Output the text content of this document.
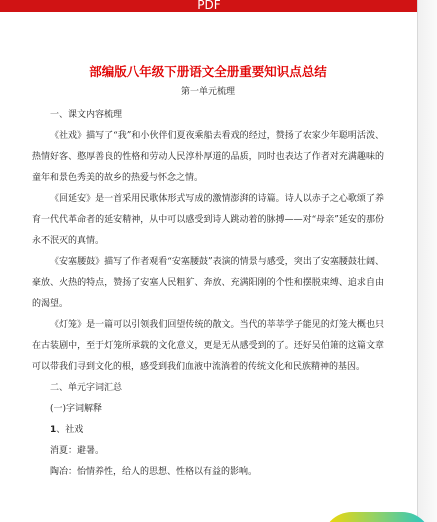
PDF

部编版八年级下册语文全册重要知识点总结

第一单元梳理

一、课文内容梳理

《社戏》描写了“我”和小伙伴们夏夜乘船去看戏的经过，赞扬了农家少年聪明活泼、热情好客、憨厚善良的性格和劳动人民淳朴厚道的品质，同时也表达了作者对充满趣味的童年和景色秀美的故乡的热爱与怀念之情。

《回延安》是一首采用民歌体形式写成的激情澎湃的诗篇。诗人以赤子之心歌颂了养育一代代革命者的延安精神，从中可以感受到诗人跳动着的脉搏——对“母亲”延安的那份永不泯灭的真情。

《安塞腰鼓》描写了作者观看“安塞腰鼓”表演的情景与感受，突出了安塞腰鼓壮阔、豪放、火热的特点，赞扬了安塞人民粗犷、奔放、充满阳刚的个性和摆脱束缚、追求自由的渴望。

《灯笼》是一篇可以引领我们回望传统的散文。当代的莘莘学子能见的灯笼大概也只在古装剧中，至于灯笼所承载的文化意义，更是无从感受到的了。还好吴伯箫的这篇文章可以带我们寻到文化的根，感受到我们血液中流淌着的传统文化和民族精神的基因。

二、单元字词汇总

(一)字词解释

1、社戏

消夏：避暑。

陶冶：怡情养性，给人的思想、性格以有益的影响。
